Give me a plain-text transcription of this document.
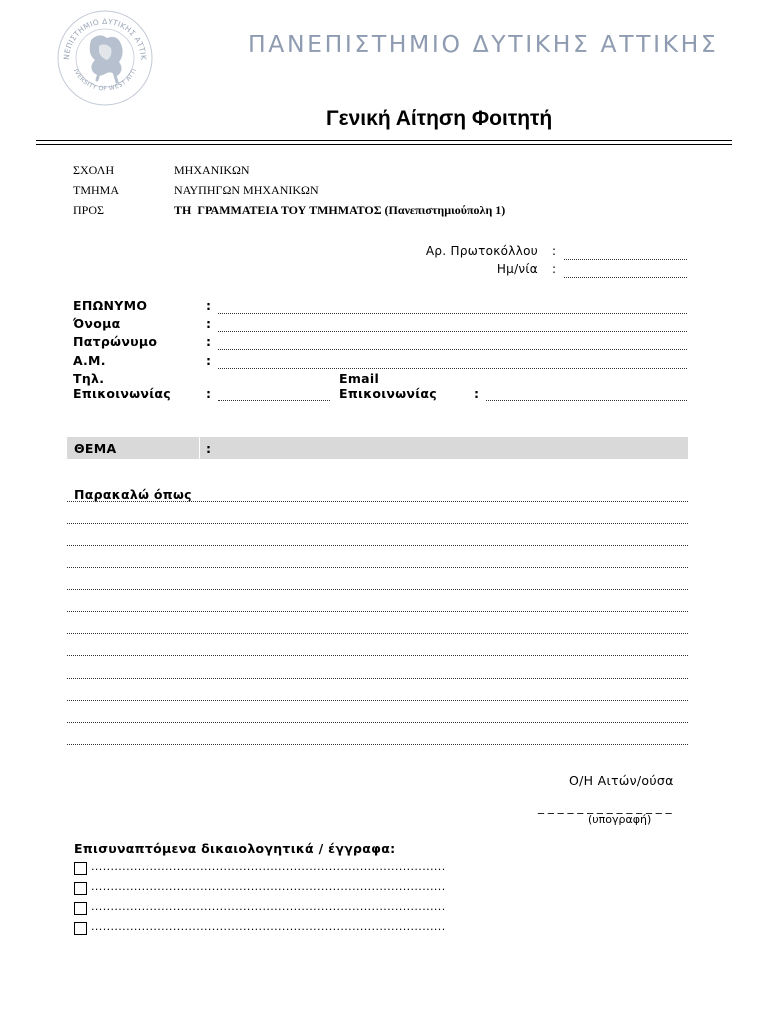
ΝΕΠΙΣΤΗΜΙΟ ΔΥΤΙΚΗΣ ΑΤΤΙΚ
IVERSITY OF WEST ATTI
ΠΑΝΕΠΙΣΤΗΜΙΟ ΔΥΤΙΚΗΣ ΑΤΤΙΚΗΣ
Γενική Αίτηση Φοιτητή
ΣΧΟΛΗ	ΜΗΧΑΝΙΚΩΝ
ΤΜΗΜΑ	ΝΑΥΠΗΓΩΝ ΜΗΧΑΝΙΚΩΝ
ΠΡΟΣ	ΤΗ  ΓΡΑΜΜΑΤΕΙΑ ΤΟΥ ΤΜΗΜΑΤΟΣ (Πανεπιστημιούπολη 1)
Αρ. Πρωτοκόλλου :
Ημ/νία :
ΕΠΩΝΥΜΟ	:
Όνομα	:
Πατρώνυμο	:
Α.Μ.	:
Τηλ.
Επικοινωνίας	:
Email
Επικοινωνίας	:
ΘΕΜΑ	:
Παρακαλώ όπως
Ο/Η Αιτών/ούσα
_ _ _ _ _ _ _ _ _ _ _ _ _ _
(υπογραφή)
Επισυναπτόμενα δικαιολογητικά / έγγραφα:
...........................................................................................
...........................................................................................
...........................................................................................
...........................................................................................
